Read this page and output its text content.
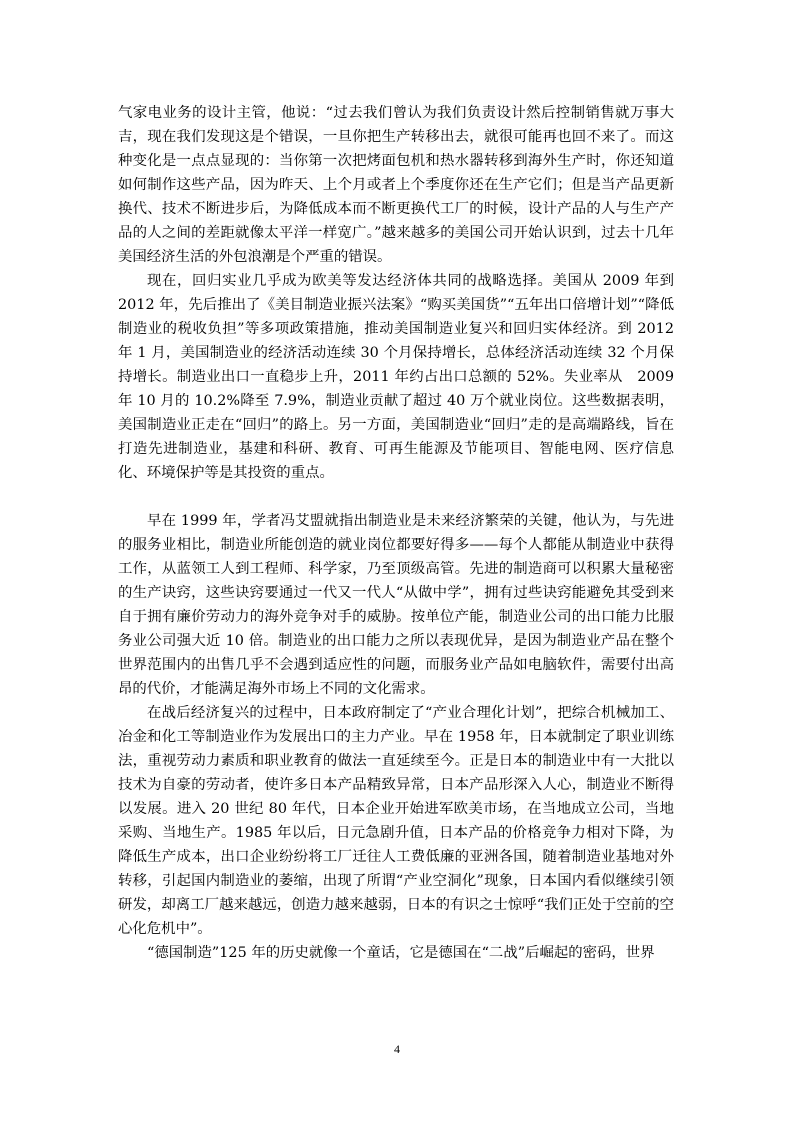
气家电业务的设计主管，他说：“过去我们曾认为我们负责设计然后控制销售就万事大吉，现在我们发现这是个错误，一旦你把生产转移出去，就很可能再也回不来了。而这种变化是一点点显现的：当你第一次把烤面包机和热水器转移到海外生产时，你还知道如何制作这些产品，因为昨天、上个月或者上个季度你还在生产它们；但是当产品更新换代、技术不断进步后，为降低成本而不断更换代工厂的时候，设计产品的人与生产产品的人之间的差距就像太平洋一样宽广。”越来越多的美国公司开始认识到，过去十几年美国经济生活的外包浪潮是个严重的错误。

现在，回归实业几乎成为欧美等发达经济体共同的战略选择。美国从 2009 年到 2012 年，先后推出了《美目制造业振兴法案》“购买美国货”“五年出口倍增计划”“降低制造业的税收负担”等多项政策措施，推动美国制造业复兴和回归实体经济。到 2012 年 1 月，美国制造业的经济活动连续 30 个月保持增长，总体经济活动连续 32 个月保持增长。制造业出口一直稳步上升，2011 年约占出口总额的 52%。失业率从　2009 年 10 月的 10.2%降至 7.9%，制造业贡献了超过 40 万个就业岗位。这些数据表明，美国制造业正走在“回归”的路上。另一方面，美国制造业“回归”走的是高端路线，旨在打造先进制造业，基建和科研、教育、可再生能源及节能项目、智能电网、医疗信息化、环境保护等是其投资的重点。

早在 1999 年，学者冯艾盟就指出制造业是未来经济繁荣的关键，他认为，与先进的服务业相比，制造业所能创造的就业岗位都要好得多——每个人都能从制造业中获得工作，从蓝领工人到工程师、科学家，乃至顶级高管。先进的制造商可以积累大量秘密的生产诀窍，这些诀窍要通过一代又一代人“从做中学”，拥有过些诀窍能避免其受到来自于拥有廉价劳动力的海外竞争对手的威胁。按单位产能，制造业公司的出口能力比服务业公司强大近 10 倍。制造业的出口能力之所以表现优异，是因为制造业产品在整个世界范围内的出售几乎不会遇到适应性的问题，而服务业产品如电脑软件，需要付出高昂的代价，才能满足海外市场上不同的文化需求。

在战后经济复兴的过程中，日本政府制定了“产业合理化计划”，把综合机械加工、冶金和化工等制造业作为发展出口的主力产业。早在 1958 年，日本就制定了职业训练法，重视劳动力素质和职业教育的做法一直延续至今。正是日本的制造业中有一大批以技术为自豪的劳动者，使许多日本产品精致异常，日本产品形深入人心，制造业不断得以发展。进入 20 世纪 80 年代，日本企业开始进军欧美市场，在当地成立公司，当地采购、当地生产。1985 年以后，日元急剧升值，日本产品的价格竞争力相对下降，为降低生产成本，出口企业纷纷将工厂迁往人工费低廉的亚洲各国，随着制造业基地对外转移，引起国内制造业的萎缩，出现了所谓“产业空洞化”现象，日本国内看似继续引领研发，却离工厂越来越远，创造力越来越弱，日本的有识之士惊呼“我们正处于空前的空心化危机中”。

“德国制造”125 年的历史就像一个童话，它是德国在“二战”后崛起的密码，世界

4
